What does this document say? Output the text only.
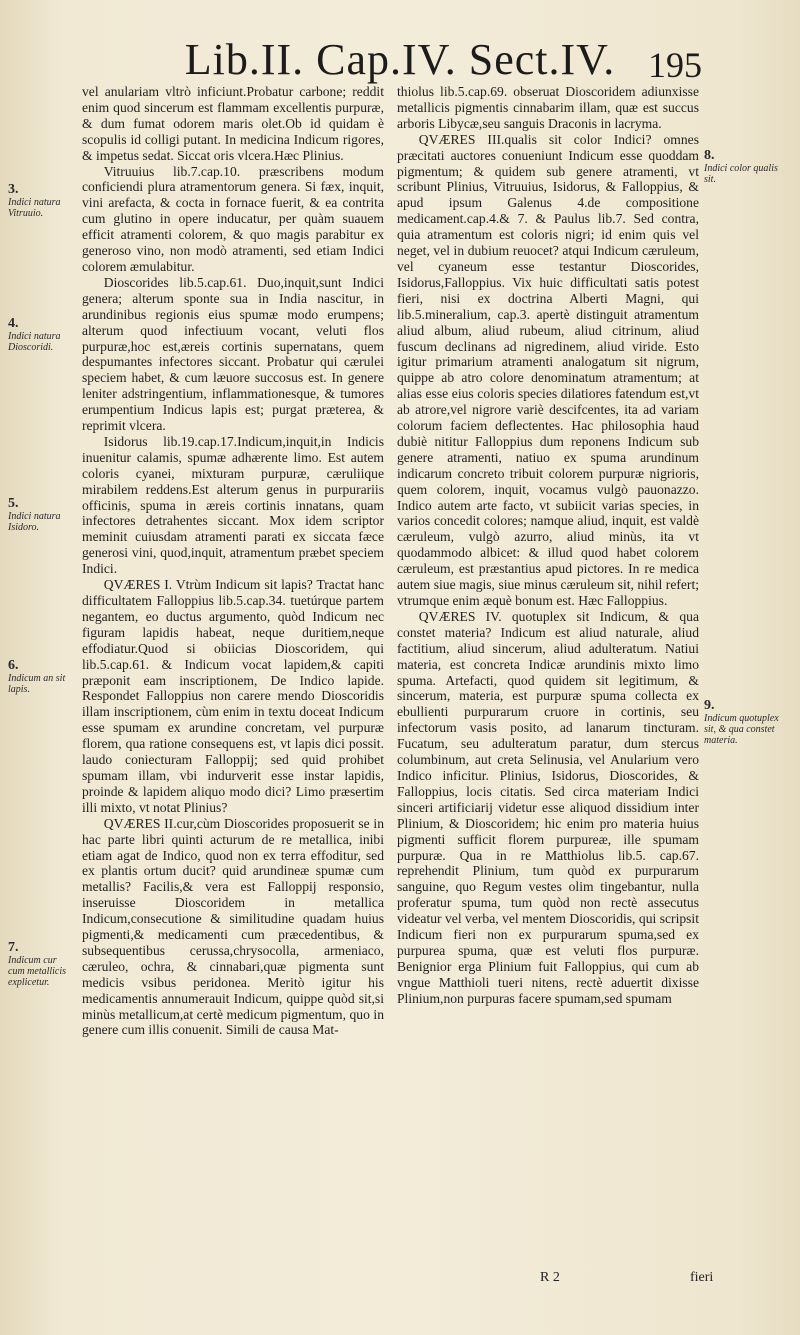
Lib.II. Cap.IV. Sect.IV. 195

vel anulariam vltrò inficiunt.Probatur carbone; reddit enim quod sincerum est flammam excellentis purpuræ, & dum fumat odorem maris olet.Ob id quidam è scopulis id colligi putant. In medicina Indicum rigores, & impetus sedat. Siccat oris vlcera.Hæc Plinius.

Vitruuius lib.7.cap.10. præscribens modum conficiendi plura atramentorum genera. Si fæx, inquit, vini arefacta, & cocta in fornace fuerit, & ea contrita cum glutino in opere inducatur, per quàm suauem efficit atramenti colorem, & quo magis parabitur ex generoso vino, non modò atramenti, sed etiam Indici colorem æmulabitur.

Dioscorides lib.5.cap.61. Duo,inquit,sunt Indici genera; alterum sponte sua in India nascitur, in arundinibus regionis eius spumæ modo erumpens; alterum quod infectiuum vocant, veluti flos purpuræ,hoc est,æreis cortinis supernatans, quem despumantes infectores siccant. Probatur qui cærulei speciem habet, & cum læuore succosus est. In genere leniter adstringentium, inflammationesque, & tumores erumpentium Indicus lapis est; purgat præterea, & reprimit vlcera.

Isidorus lib.19.cap.17.Indicum,inquit,in Indicis inuenitur calamis, spumæ adhærente limo. Est autem coloris cyanei, mixturam purpuræ, cæruliique mirabilem reddens.Est alterum genus in purpurariis officinis, spuma in æreis cortinis innatans, quam infectores detrahentes siccant. Mox idem scriptor meminit cuiusdam atramenti parati ex siccata fæce generosi vini, quod,inquit, atramentum præbet speciem Indici.

QVÆRES I. Vtrùm Indicum sit lapis? Tractat hanc difficultatem Falloppius lib.5.cap.34. tuetúrque partem negantem, eo ductus argumento, quòd Indicum nec figuram lapidis habeat, neque duritiem,neque effodiatur.Quod si obiicias Dioscoridem, qui lib.5.cap.61. & Indicum vocat lapidem,& capiti præponit eam inscriptionem, De Indico lapide. Respondet Falloppius non carere mendo Dioscoridis illam inscriptionem, cùm enim in textu doceat Indicum esse spumam ex arundine concretam, vel purpuræ florem, qua ratione consequens est, vt lapis dici possit. laudo coniecturam Falloppij; sed quid prohibet spumam illam, vbi indurverit esse instar lapidis, proinde & lapidem aliquo modo dici? Limo præsertim illi mixto, vt notat Plinius?

QVÆRES II.cur,cùm Dioscorides proposuerit se in hac parte libri quinti acturum de re metallica, inibi etiam agat de Indico, quod non ex terra effoditur, sed ex plantis ortum ducit? quid arundineæ spumæ cum metallis? Facilis,& vera est Falloppij responsio, inseruisse Dioscoridem in metallica Indicum,consecutione & similitudine quadam huius pigmenti,& medicamenti cum præcedentibus, & subsequentibus cerussa,chrysocolla, armeniaco, cæruleo, ochra, & cinnabari,quæ pigmenta sunt medicis vsibus peridonea. Meritò igitur his medicamentis annumerauit Indicum, quippe quòd sit,si minùs metallicum,at certè medicum pigmentum, quo in genere cum illis conuenit. Simili de causa Mat-

thiolus lib.5.cap.69. obseruat Dioscoridem adiunxisse metallicis pigmentis cinnabarim illam, quæ est succus arboris Libycæ,seu sanguis Draconis in lacryma.

QVÆRES III.qualis sit color Indici? omnes præcitati auctores conueniunt Indicum esse quoddam pigmentum; & quidem sub genere atramenti, vt scribunt Plinius, Vitruuius, Isidorus, & Falloppius, & apud ipsum Galenus 4.de compositione medicament.cap.4.& 7. & Paulus lib.7. Sed contra, quia atramentum est coloris nigri; id enim quis vel neget, vel in dubium reuocet? atqui Indicum cæruleum, vel cyaneum esse testantur Dioscorides, Isidorus,Falloppius. Vix huic difficultati satis potest fieri, nisi ex doctrina Alberti Magni, qui lib.5.mineralium, cap.3. apertè distinguit atramentum aliud album, aliud rubeum, aliud citrinum, aliud fuscum declinans ad nigredinem, aliud viride. Esto igitur primarium atramenti analogatum sit nigrum, quippe ab atro colore denominatum atramentum; at alias esse eius coloris species dilatiores fatendum est,vt ab atrore,vel nigrore variè descifcentes, ita ad variam colorum faciem deflectentes. Hac philosophia haud dubiè nititur Falloppius dum reponens Indicum sub genere atramenti, natiuo ex spuma arundinum indicarum concreto tribuit colorem purpuræ nigrioris, quem colorem, inquit, vocamus vulgò pauonazzo. Indico autem arte facto, vt subiicit varias species, in varios concedit colores; namque aliud, inquit, est valdè cæruleum, vulgò azurro, aliud minùs, ita vt quodammodo albicet: & illud quod habet colorem cæruleum, est præstantius apud pictores. In re medica autem siue magis, siue minus cæruleum sit, nihil refert; vtrumque enim æquè bonum est. Hæc Falloppius.

QVÆRES IV. quotuplex sit Indicum, & qua constet materia? Indicum est aliud naturale, aliud factitium, aliud sincerum, aliud adulteratum. Natiui materia, est concreta Indicæ arundinis mixto limo spuma. Artefacti, quod quidem sit legitimum, & sincerum, materia, est purpuræ spuma collecta ex ebullienti purpurarum cruore in cortinis, seu infectorum vasis posito, ad lanarum tincturam. Fucatum, seu adulteratum paratur, dum stercus columbinum, aut creta Selinusia, vel Anularium vero Indico inficitur. Plinius, Isidorus, Dioscorides, & Falloppius, locis citatis. Sed circa materiam Indici sinceri artificiarij videtur esse aliquod dissidium inter Plinium, & Dioscoridem; hic enim pro materia huius pigmenti sufficit florem purpureæ, ille spumam purpuræ. Qua in re Matthiolus lib.5. cap.67. reprehendit Plinium, tum quòd ex purpurarum sanguine, quo Regum vestes olim tingebantur, nulla proferatur spuma, tum quòd non rectè assecutus videatur vel verba, vel mentem Dioscoridis, qui scripsit Indicum fieri non ex purpurarum spuma,sed ex purpurea spuma, quæ est veluti flos purpuræ. Benignior erga Plinium fuit Falloppius, qui cum ab vngue Matthioli tueri nitens, rectè aduertit dixisse Plinium,non purpuras facere spumam,sed spumam

3.
Indici natura Vitruuio.
4.
Indici natura Dioscoridi.
5.
Indici natura Isidoro.
6.
Indicum an sit lapis.
7.
Indicum cur cum metallicis explicetur.
8.
Indici color qualis sit.
9.
Indicum quotuplex sit, & qua constet materia.
R 2	fieri
